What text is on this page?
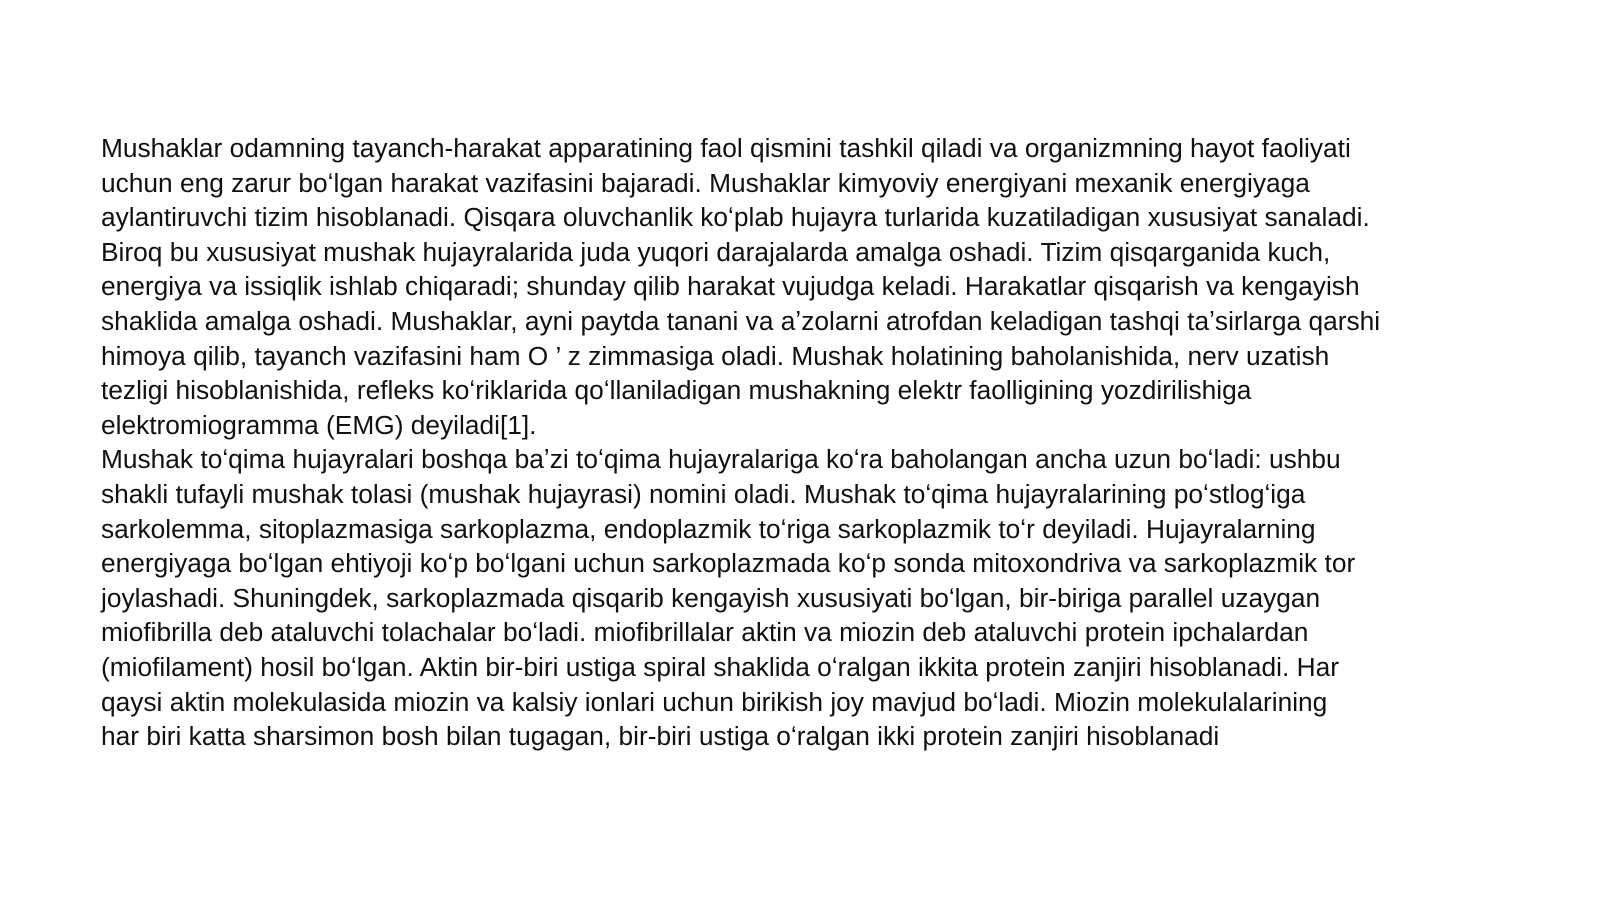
Mushaklar odamning tayanch-harakat apparatining faol qismini tashkil qiladi va organizmning hayot faoliyati
uchun eng zarur boʻlgan harakat vazifasini bajaradi. Mushaklar kimyoviy energiyani mexanik energiyaga
aylantiruvchi tizim hisoblanadi. Qisqara oluvchanlik koʻplab hujayra turlarida kuzatiladigan xususiyat sanaladi.
Biroq bu xususiyat mushak hujayralarida juda yuqori darajalarda amalga oshadi. Tizim qisqarganida kuch,
energiya va issiqlik ishlab chiqaradi; shunday qilib harakat vujudga keladi. Harakatlar qisqarish va kengayish
shaklida amalga oshadi. Mushaklar, ayni paytda tanani va aʼzolarni atrofdan keladigan tashqi taʼsirlarga qarshi
himoya qilib, tayanch vazifasini ham O ’ z zimmasiga oladi. Mushak holatining baholanishida, nerv uzatish
tezligi hisoblanishida, refleks koʻriklarida qoʻllaniladigan mushakning elektr faolligining yozdirilishiga
elektromiogramma (EMG) deyiladi[1].

Mushak toʻqima hujayralari boshqa baʼzi toʻqima hujayralariga koʻra baholangan ancha uzun boʻladi: ushbu
shakli tufayli mushak tolasi (mushak hujayrasi) nomini oladi. Mushak toʻqima hujayralarining poʻstlogʻiga
sarkolemma, sitoplazmasiga sarkoplazma, endoplazmik toʻriga sarkoplazmik toʻr deyiladi. Hujayralarning
energiyaga boʻlgan ehtiyoji koʻp boʻlgani uchun sarkoplazmada koʻp sonda mitoxondriva va sarkoplazmik tor
joylashadi. Shuningdek, sarkoplazmada qisqarib kengayish xususiyati boʻlgan, bir-biriga parallel uzaygan
miofibrilla deb ataluvchi tolachalar boʻladi. miofibrillalar aktin va miozin deb ataluvchi protein ipchalardan
(miofilament) hosil boʻlgan. Aktin bir-biri ustiga spiral shaklida oʻralgan ikkita protein zanjiri hisoblanadi. Har
qaysi aktin molekulasida miozin va kalsiy ionlari uchun birikish joy mavjud boʻladi. Miozin molekulalarining
har biri katta sharsimon bosh bilan tugagan, bir-biri ustiga oʻralgan ikki protein zanjiri hisoblanadi
